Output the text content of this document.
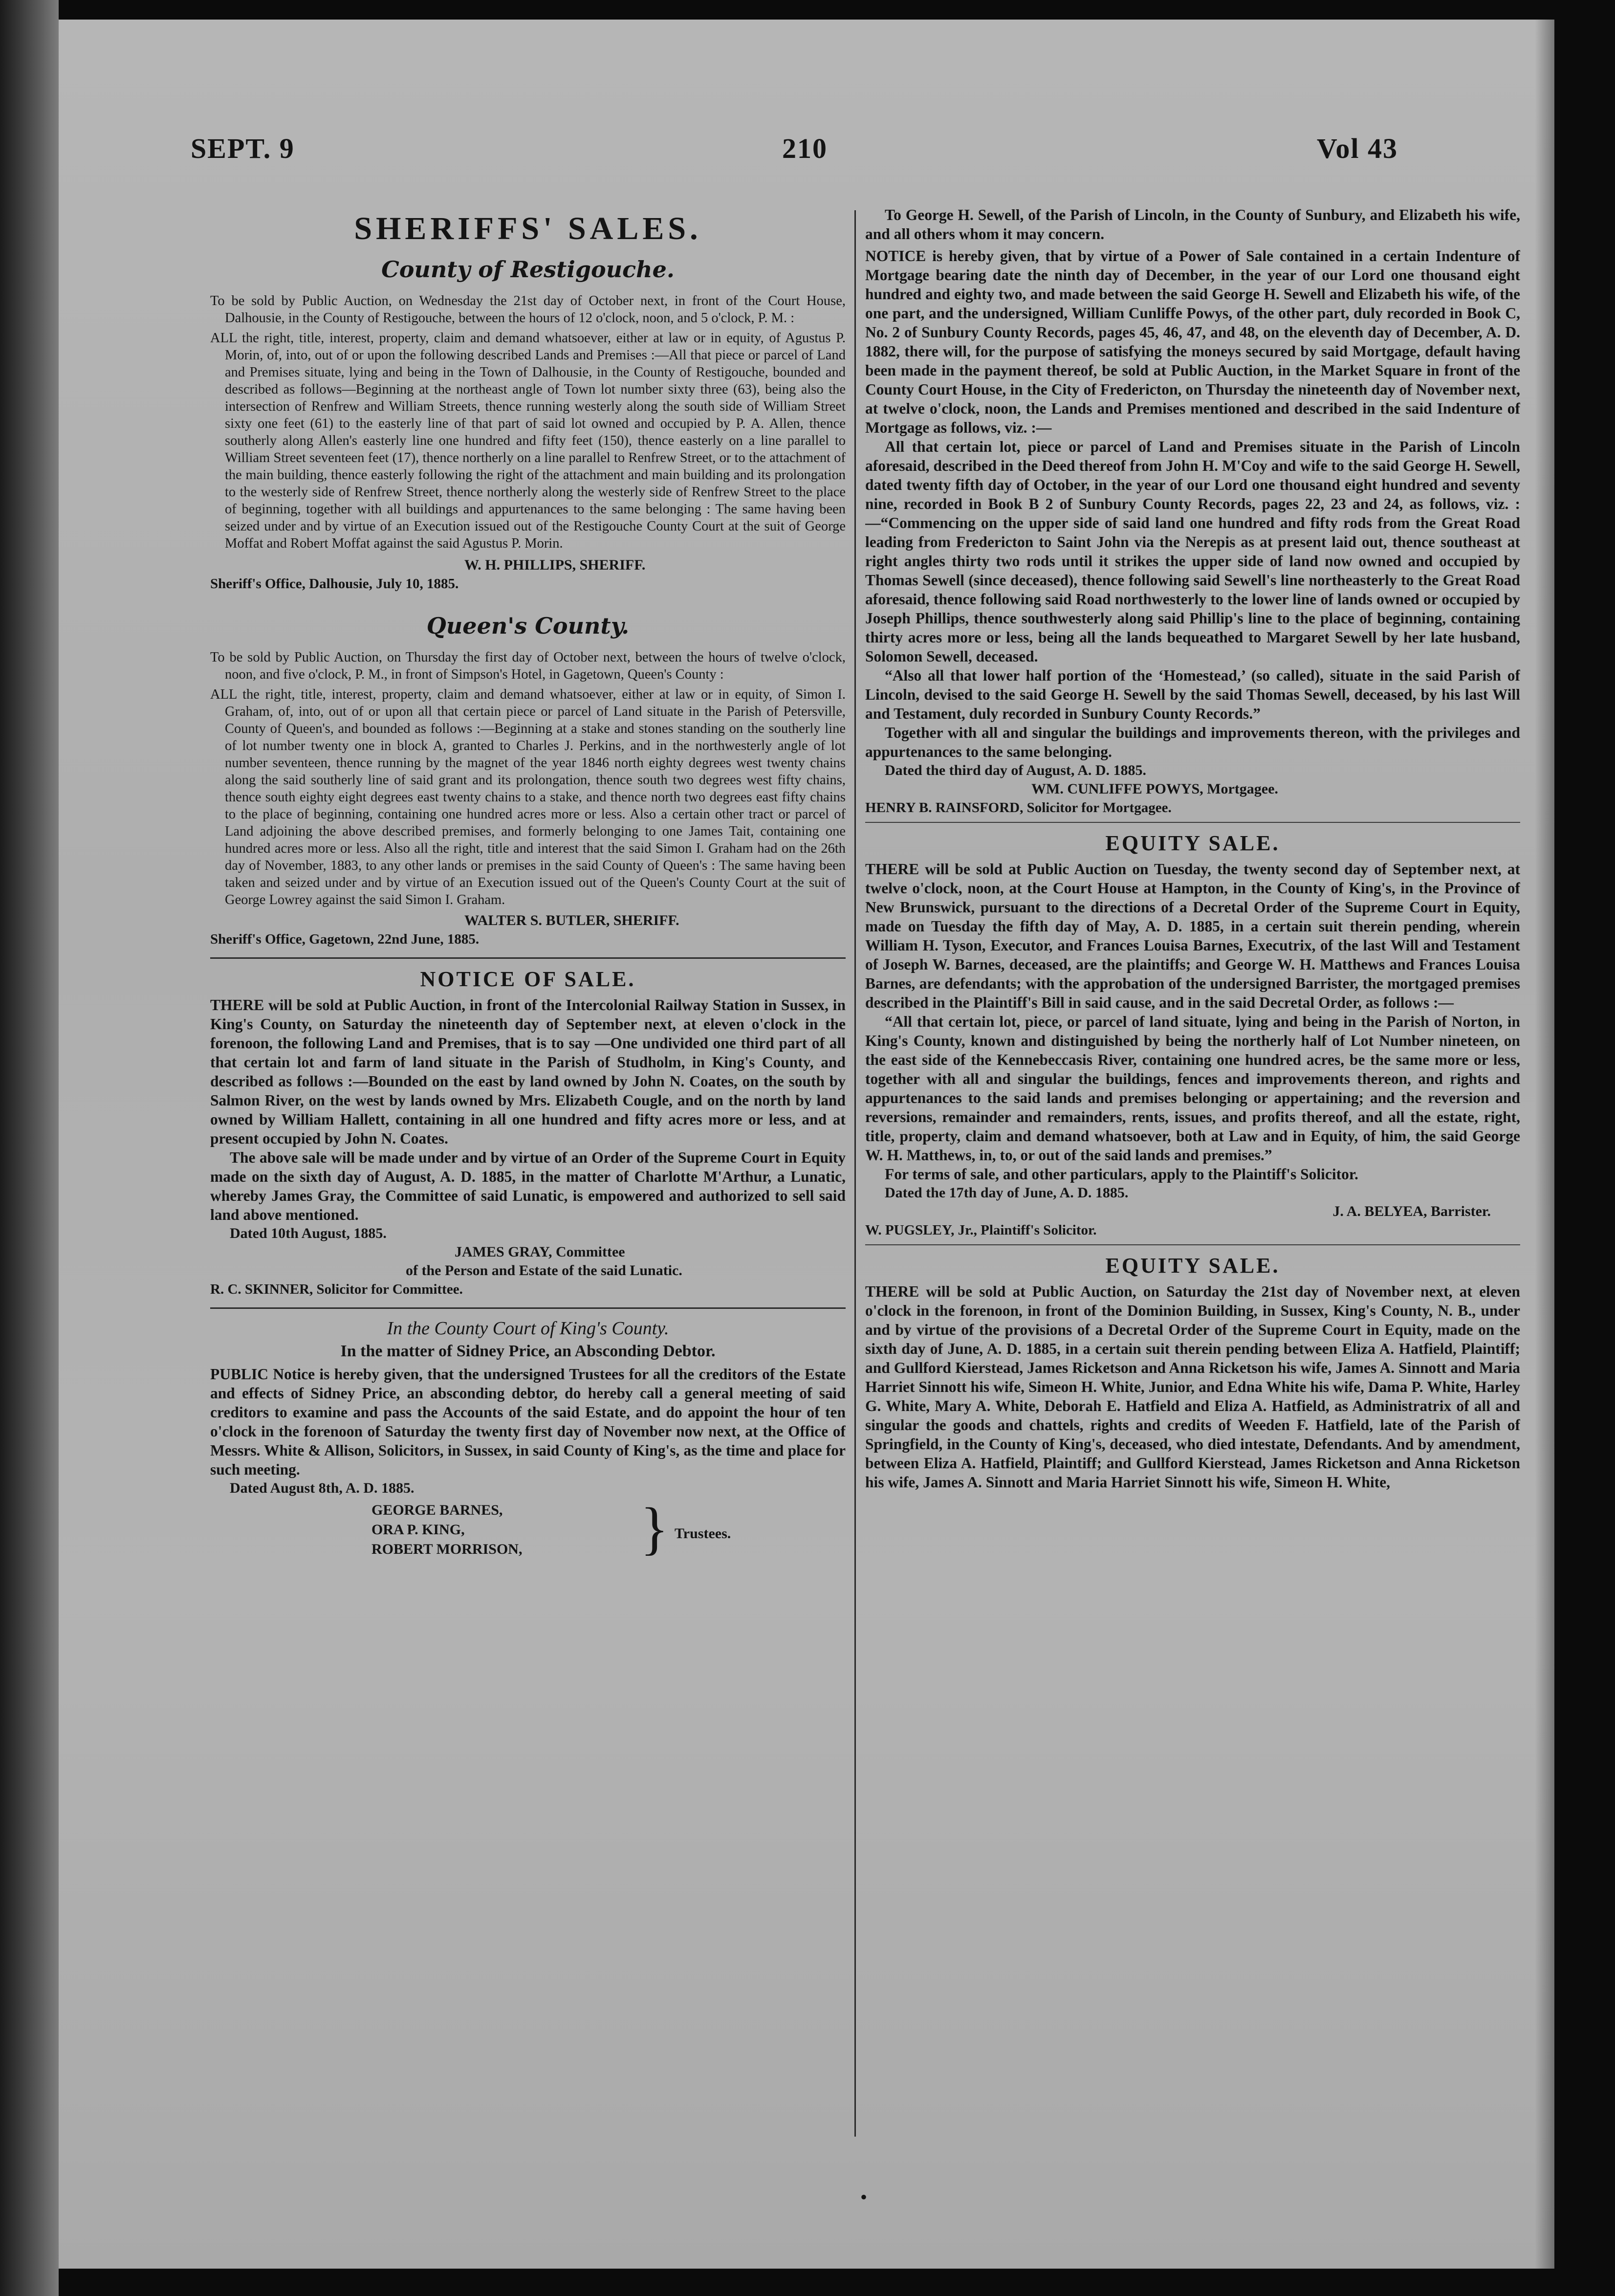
SEPT. 9	210	Vol 43
SHERIFFS' SALES.
County of Restigouche.

To be sold by Public Auction, on Wednesday the 21st day of October next, in front of the Court House, Dalhousie, in the County of Restigouche, between the hours of 12 o'clock, noon, and 5 o'clock, P. M. :

ALL the right, title, interest, property, claim and demand whatsoever, either at law or in equity, of Agustus P. Morin, of, into, out of or upon the following described Lands and Premises :—All that piece or parcel of Land and Premises situate, lying and being in the Town of Dalhousie, in the County of Restigouche, bounded and described as follows—Beginning at the northeast angle of Town lot number sixty three (63), being also the intersection of Renfrew and William Streets, thence running westerly along the south side of William Street sixty one feet (61) to the easterly line of that part of said lot owned and occupied by P. A. Allen, thence southerly along Allen's easterly line one hundred and fifty feet (150), thence easterly on a line parallel to William Street seventeen feet (17), thence northerly on a line parallel to Renfrew Street, or to the attachment of the main building, thence easterly following the right of the attachment and main building and its prolongation to the westerly side of Renfrew Street, thence northerly along the westerly side of Renfrew Street to the place of beginning, together with all buildings and appurtenances to the same belonging : The same having been seized under and by virtue of an Execution issued out of the Restigouche County Court at the suit of George Moffat and Robert Moffat against the said Agustus P. Morin.

W. H. PHILLIPS, SHERIFF.
Sheriff's Office, Dalhousie, July 10, 1885.
Queen's County.

To be sold by Public Auction, on Thursday the first day of October next, between the hours of twelve o'clock, noon, and five o'clock, P. M., in front of Simpson's Hotel, in Gagetown, Queen's County :

ALL the right, title, interest, property, claim and demand whatsoever, either at law or in equity, of Simon I. Graham, of, into, out of or upon all that certain piece or parcel of Land situate in the Parish of Petersville, County of Queen's, and bounded as follows :—Beginning at a stake and stones standing on the southerly line of lot number twenty one in block A, granted to Charles J. Perkins, and in the northwesterly angle of lot number seventeen, thence running by the magnet of the year 1846 north eighty degrees west twenty chains along the said southerly line of said grant and its prolongation, thence south two degrees west fifty chains, thence south eighty eight degrees east twenty chains to a stake, and thence north two degrees east fifty chains to the place of beginning, containing one hundred acres more or less. Also a certain other tract or parcel of Land adjoining the above described premises, and formerly belonging to one James Tait, containing one hundred acres more or less. Also all the right, title and interest that the said Simon I. Graham had on the 26th day of November, 1883, to any other lands or premises in the said County of Queen's : The same having been taken and seized under and by virtue of an Execution issued out of the Queen's County Court at the suit of George Lowrey against the said Simon I. Graham.

WALTER S. BUTLER, SHERIFF.
Sheriff's Office, Gagetown, 22nd June, 1885.
NOTICE OF SALE.

THERE will be sold at Public Auction, in front of the Intercolonial Railway Station in Sussex, in King's County, on Saturday the nineteenth day of September next, at eleven o'clock in the forenoon, the following Land and Premises, that is to say —One undivided one third part of all that certain lot and farm of land situate in the Parish of Studholm, in King's County, and described as follows :—Bounded on the east by land owned by John N. Coates, on the south by Salmon River, on the west by lands owned by Mrs. Elizabeth Cougle, and on the north by land owned by William Hallett, containing in all one hundred and fifty acres more or less, and at present occupied by John N. Coates.

The above sale will be made under and by virtue of an Order of the Supreme Court in Equity made on the sixth day of August, A. D. 1885, in the matter of Charlotte M'Arthur, a Lunatic, whereby James Gray, the Committee of said Lunatic, is empowered and authorized to sell said land above mentioned.

Dated 10th August, 1885.
JAMES GRAY, Committee
of the Person and Estate of the said Lunatic.
R. C. SKINNER, Solicitor for Committee.
In the County Court of King's County.
In the matter of Sidney Price, an Absconding Debtor.

PUBLIC Notice is hereby given, that the undersigned Trustees for all the creditors of the Estate and effects of Sidney Price, an absconding debtor, do hereby call a general meeting of said creditors to examine and pass the Accounts of the said Estate, and do appoint the hour of ten o'clock in the forenoon of Saturday the twenty first day of November now next, at the Office of Messrs. White & Allison, Solicitors, in Sussex, in said County of King's, as the time and place for such meeting.

Dated August 8th, A. D. 1885.
GEORGE BARNES,
ORA P. KING,
ROBERT MORRISON, } Trustees.

To George H. Sewell, of the Parish of Lincoln, in the County of Sunbury, and Elizabeth his wife, and all others whom it may concern.

NOTICE is hereby given, that by virtue of a Power of Sale contained in a certain Indenture of Mortgage bearing date the ninth day of December, in the year of our Lord one thousand eight hundred and eighty two, and made between the said George H. Sewell and Elizabeth his wife, of the one part, and the undersigned, William Cunliffe Powys, of the other part, duly recorded in Book C, No. 2 of Sunbury County Records, pages 45, 46, 47, and 48, on the eleventh day of December, A. D. 1882, there will, for the purpose of satisfying the moneys secured by said Mortgage, default having been made in the payment thereof, be sold at Public Auction, in the Market Square in front of the County Court House, in the City of Fredericton, on Thursday the nineteenth day of November next, at twelve o'clock, noon, the Lands and Premises mentioned and described in the said Indenture of Mortgage as follows, viz. :—

All that certain lot, piece or parcel of Land and Premises situate in the Parish of Lincoln aforesaid, described in the Deed thereof from John H. M'Coy and wife to the said George H. Sewell, dated twenty fifth day of October, in the year of our Lord one thousand eight hundred and seventy nine, recorded in Book B 2 of Sunbury County Records, pages 22, 23 and 24, as follows, viz. :—“Commencing on the upper side of said land one hundred and fifty rods from the Great Road leading from Fredericton to Saint John via the Nerepis as at present laid out, thence southeast at right angles thirty two rods until it strikes the upper side of land now owned and occupied by Thomas Sewell (since deceased), thence following said Sewell's line northeasterly to the Great Road aforesaid, thence following said Road northwesterly to the lower line of lands owned or occupied by Joseph Phillips, thence southwesterly along said Phillip's line to the place of beginning, containing thirty acres more or less, being all the lands bequeathed to Margaret Sewell by her late husband, Solomon Sewell, deceased.

“Also all that lower half portion of the ‘Homestead,’ (so called), situate in the said Parish of Lincoln, devised to the said George H. Sewell by the said Thomas Sewell, deceased, by his last Will and Testament, duly recorded in Sunbury County Records.”

Together with all and singular the buildings and improvements thereon, with the privileges and appurtenances to the same belonging.

Dated the third day of August, A. D. 1885.
WM. CUNLIFFE POWYS, Mortgagee.
HENRY B. RAINSFORD, Solicitor for Mortgagee.
EQUITY SALE.

THERE will be sold at Public Auction on Tuesday, the twenty second day of September next, at twelve o'clock, noon, at the Court House at Hampton, in the County of King's, in the Province of New Brunswick, pursuant to the directions of a Decretal Order of the Supreme Court in Equity, made on Tuesday the fifth day of May, A. D. 1885, in a certain suit therein pending, wherein William H. Tyson, Executor, and Frances Louisa Barnes, Executrix, of the last Will and Testament of Joseph W. Barnes, deceased, are the plaintiffs; and George W. H. Matthews and Frances Louisa Barnes, are defendants; with the approbation of the undersigned Barrister, the mortgaged premises described in the Plaintiff's Bill in said cause, and in the said Decretal Order, as follows :—

“All that certain lot, piece, or parcel of land situate, lying and being in the Parish of Norton, in King's County, known and distinguished by being the northerly half of Lot Number nineteen, on the east side of the Kennebeccasis River, containing one hundred acres, be the same more or less, together with all and singular the buildings, fences and improvements thereon, and rights and appurtenances to the said lands and premises belonging or appertaining; and the reversion and reversions, remainder and remainders, rents, issues, and profits thereof, and all the estate, right, title, property, claim and demand whatsoever, both at Law and in Equity, of him, the said George W. H. Matthews, in, to, or out of the said lands and premises.”

For terms of sale, and other particulars, apply to the Plaintiff's Solicitor.

Dated the 17th day of June, A. D. 1885.
J. A. BELYEA, Barrister.
W. PUGSLEY, Jr., Plaintiff's Solicitor.
EQUITY SALE.

THERE will be sold at Public Auction, on Saturday the 21st day of November next, at eleven o'clock in the forenoon, in front of the Dominion Building, in Sussex, King's County, N. B., under and by virtue of the provisions of a Decretal Order of the Supreme Court in Equity, made on the sixth day of June, A. D. 1885, in a certain suit therein pending between Eliza A. Hatfield, Plaintiff; and Gullford Kierstead, James Ricketson and Anna Ricketson his wife, James A. Sinnott and Maria Harriet Sinnott his wife, Simeon H. White, Junior, and Edna White his wife, Dama P. White, Harley G. White, Mary A. White, Deborah E. Hatfield and Eliza A. Hatfield, as Administratrix of all and singular the goods and chattels, rights and credits of Weeden F. Hatfield, late of the Parish of Springfield, in the County of King's, deceased, who died intestate, Defendants. And by amendment, between Eliza A. Hatfield, Plaintiff; and Gullford Kierstead, James Ricketson and Anna Ricketson his wife, James A. Sinnott and Maria Harriet Sinnott his wife, Simeon H. White,

•
